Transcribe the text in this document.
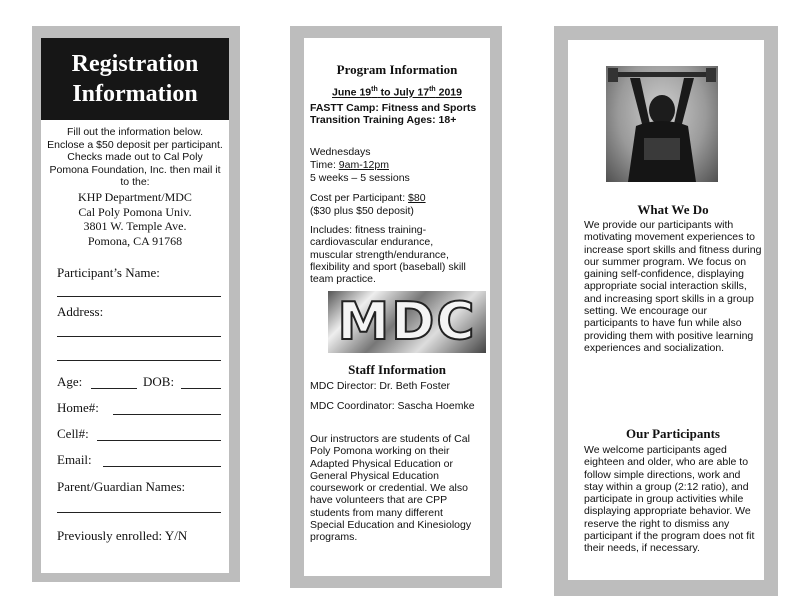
Registration
Information
Fill out the information below. Enclose a $50 deposit per participant. Checks made out to Cal Poly Pomona Foundation, Inc. then mail it to the:
KHP Department/MDC
Cal Poly Pomona Univ.
3801 W. Temple Ave.
Pomona, CA 91768
Participant’s Name:
Address:
Age:	DOB:
Home#:
Cell#:
Email:
Parent/Guardian Names:
Previously enrolled: Y/N
Program Information
June 19th to July 17th 2019
FASTT Camp: Fitness and Sports Transition Training Ages: 18+
Wednesdays
Time: 9am-12pm
5 weeks – 5 sessions
Cost per Participant: $80
($30 plus $50 deposit)
Includes: fitness training-cardiovascular endurance, muscular strength/endurance, flexibility and sport (baseball) skill team practice.
MDC
Staff Information
MDC Director: Dr. Beth Foster
MDC Coordinator: Sascha Hoemke
Our instructors are students of Cal Poly Pomona working on their Adapted Physical Education or General Physical Education coursework or credential. We also have volunteers that are CPP students from many different Special Education and Kinesiology programs.
What We Do
We provide our participants with motivating movement experiences to increase sport skills and fitness during our summer program. We focus on gaining self-confidence, displaying appropriate social interaction skills, and increasing sport skills in a group setting. We encourage our participants to have fun while also providing them with positive learning experiences and socialization.
Our Participants
We welcome participants aged eighteen and older, who are able to follow simple directions, work and stay within a group (2:12 ratio), and participate in group activities while displaying appropriate behavior. We reserve the right to dismiss any participant if the program does not fit their needs, if necessary.
